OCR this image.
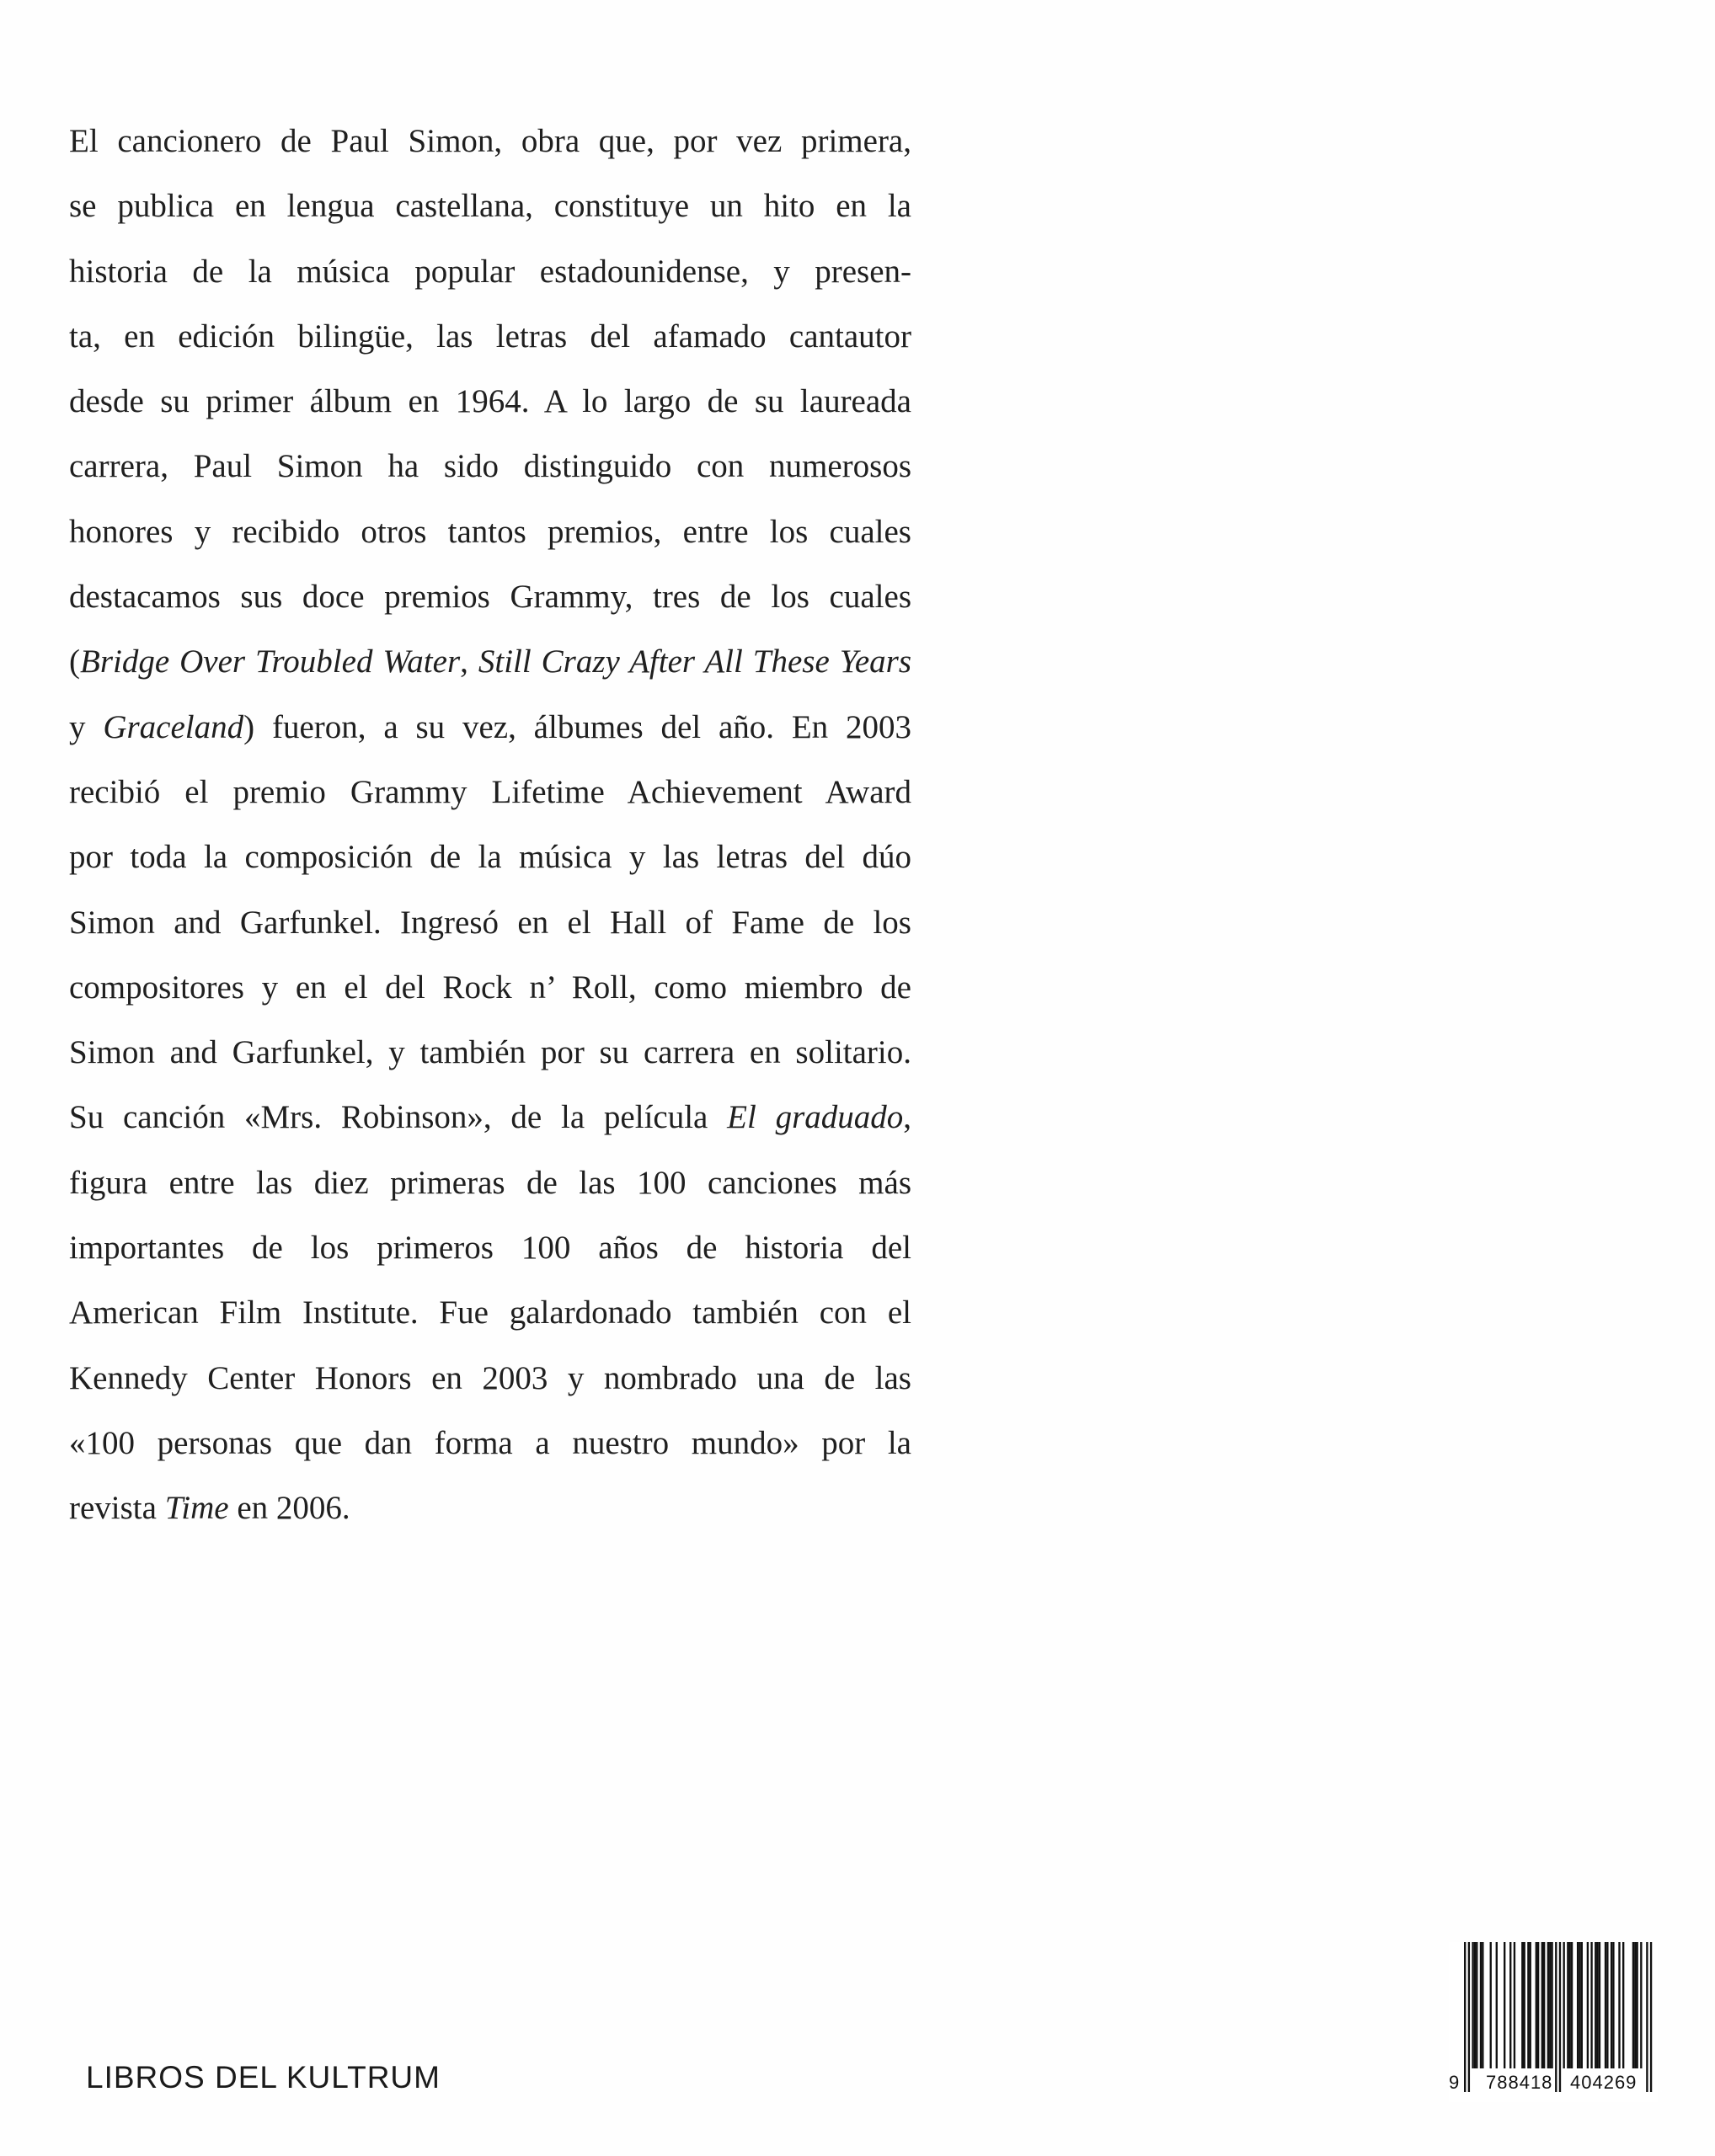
El cancionero de Paul Simon, obra que, por vez primera,
se publica en lengua castellana, constituye un hito en la
historia de la música popular estadounidense, y presen-
ta, en edición bilingüe, las letras del afamado cantautor
desde su primer álbum en 1964. A lo largo de su laureada
carrera, Paul Simon ha sido distinguido con numerosos
honores y recibido otros tantos premios, entre los cuales
destacamos sus doce premios Grammy, tres de los cuales
(Bridge Over Troubled Water, Still Crazy After All These Years
y Graceland) fueron, a su vez, álbumes del año. En 2003
recibió el premio Grammy Lifetime Achievement Award
por toda la composición de la música y las letras del dúo
Simon and Garfunkel. Ingresó en el Hall of Fame de los
compositores y en el del Rock n’ Roll, como miembro de
Simon and Garfunkel, y también por su carrera en solitario.
Su canción «Mrs. Robinson», de la película El graduado,
figura entre las diez primeras de las 100 canciones más
importantes de los primeros 100 años de historia del
American Film Institute. Fue galardonado también con el
Kennedy Center Honors en 2003 y nombrado una de las
«100 personas que dan forma a nuestro mundo» por la
revista Time en 2006.
LIBROS DEL KULTRUM	9 788418 404269
